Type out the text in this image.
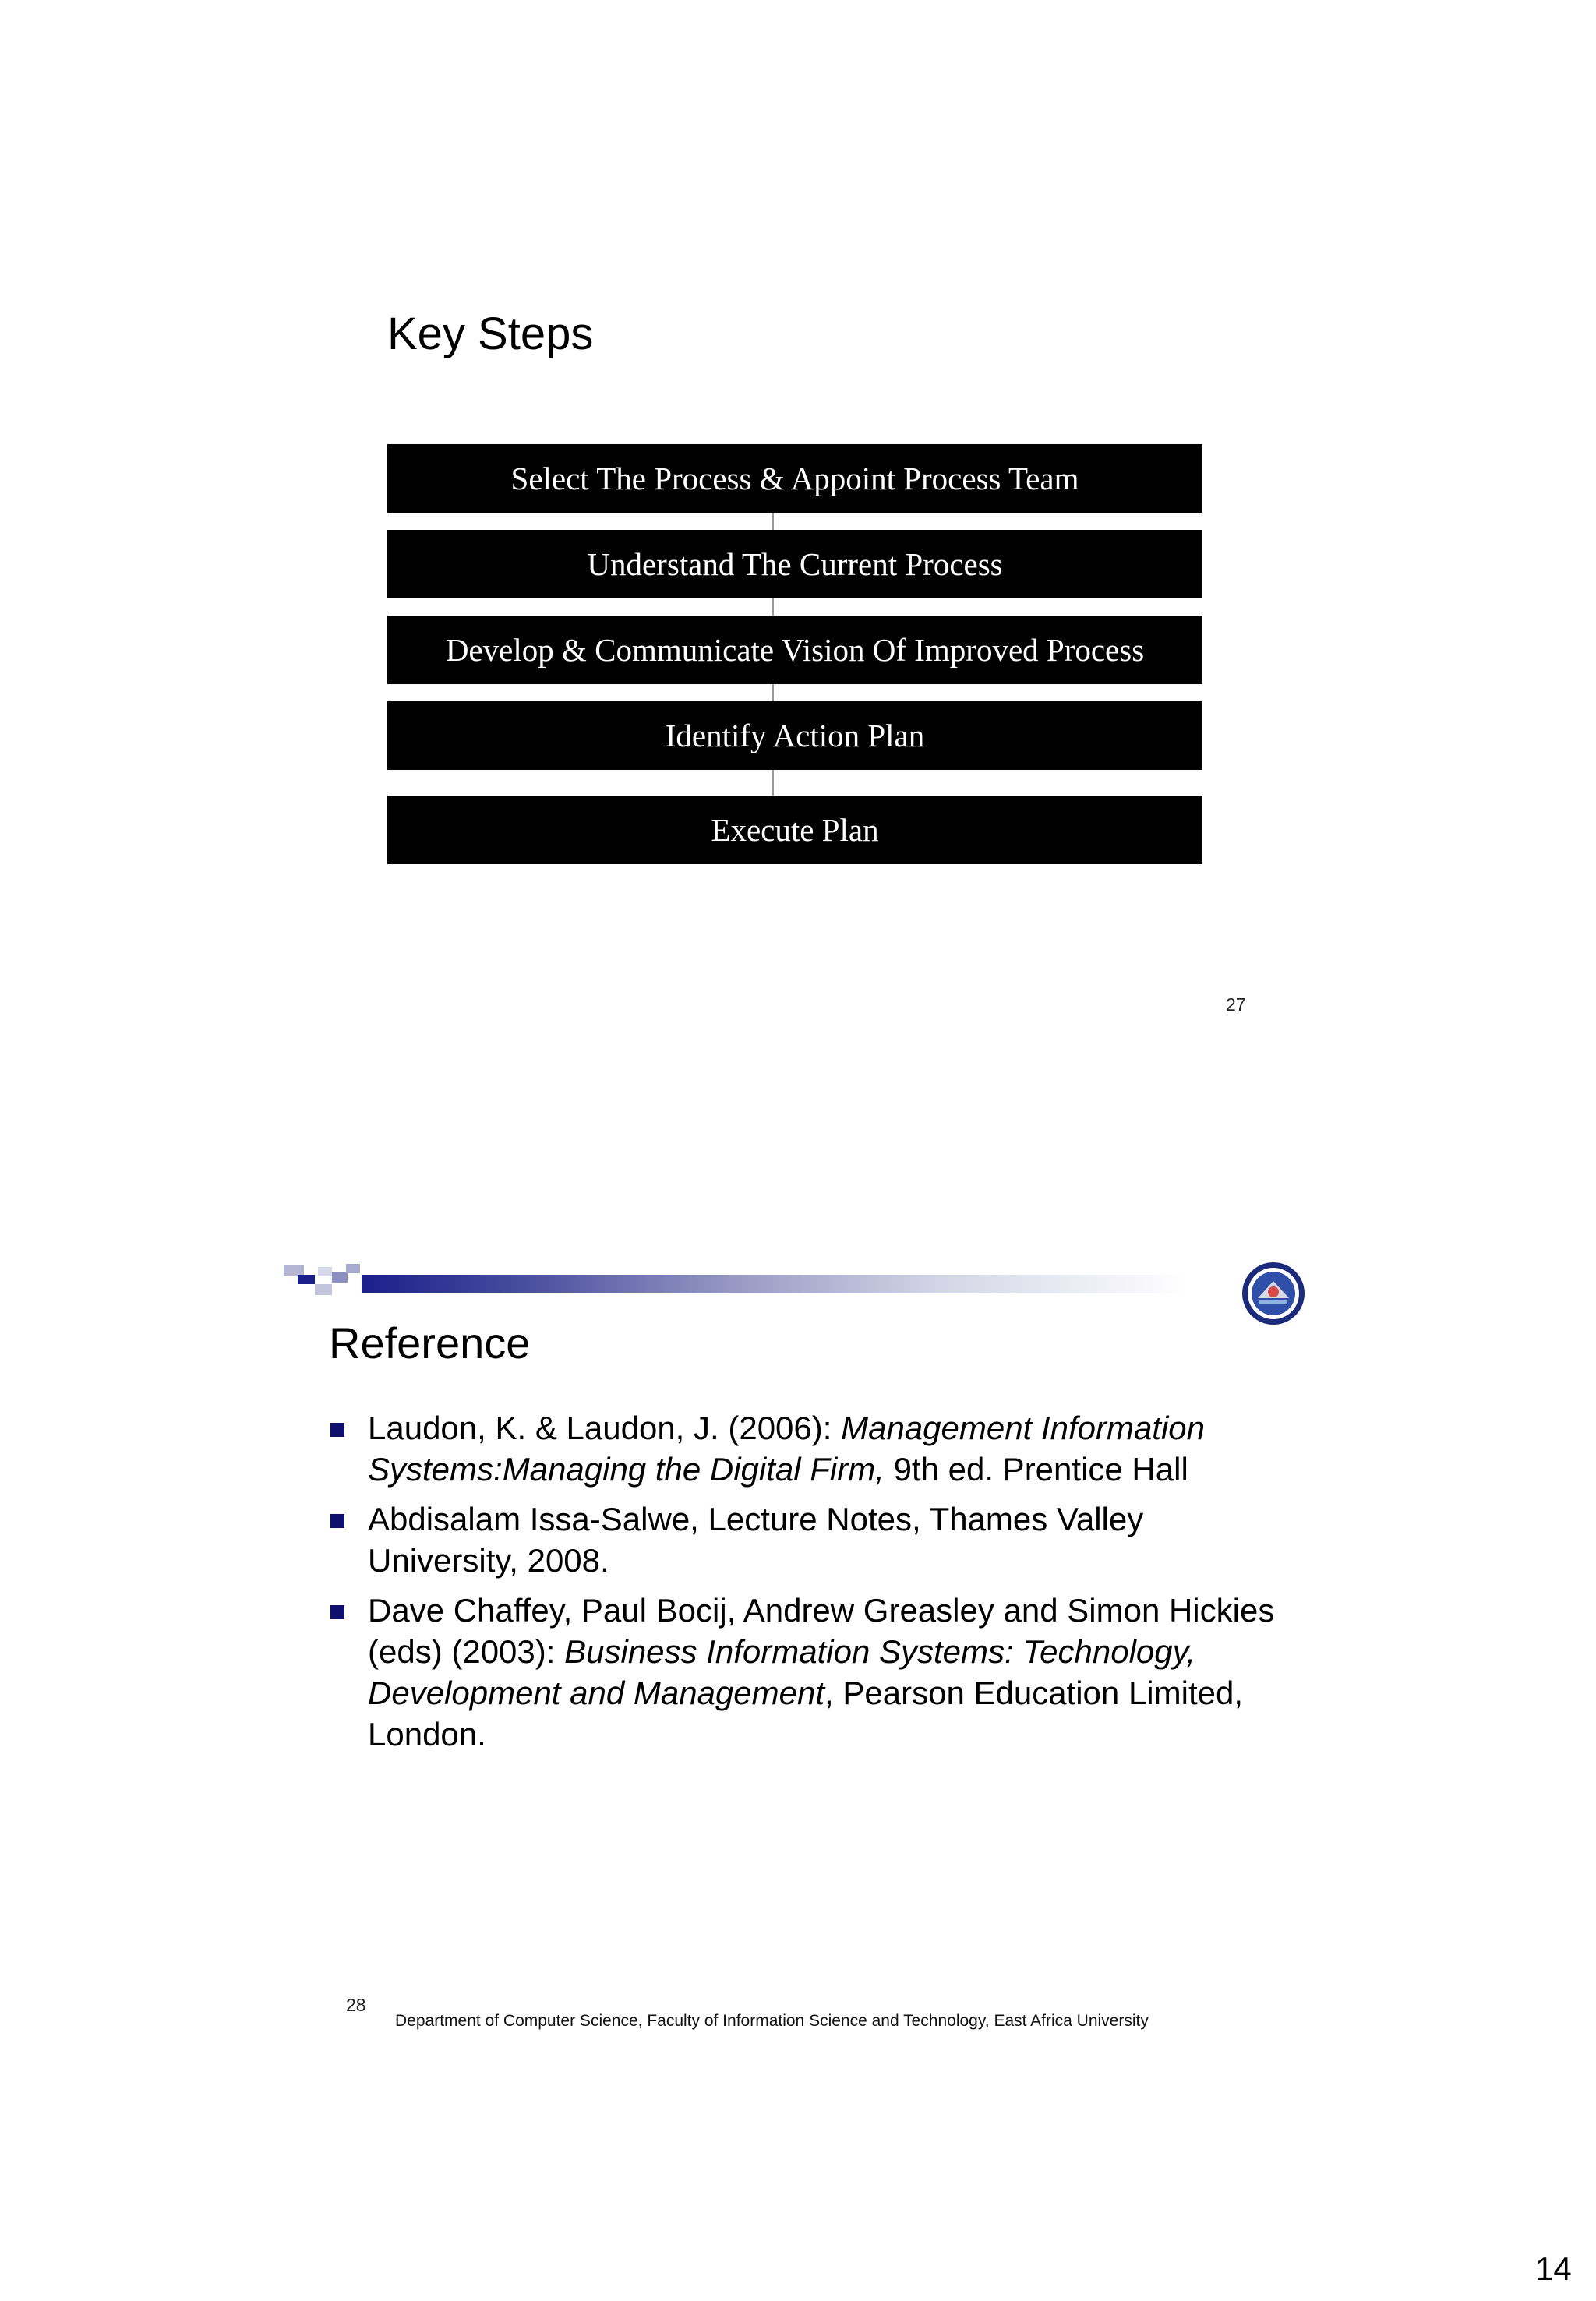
Key Steps
Select The Process & Appoint Process Team
Understand The Current Process
Develop & Communicate Vision Of Improved Process
Identify Action Plan
Execute Plan
27
Reference
Laudon, K. & Laudon, J. (2006): Management Information Systems:Managing the Digital Firm, 9th ed. Prentice Hall
Abdisalam Issa-Salwe, Lecture Notes, Thames Valley University, 2008.
Dave Chaffey, Paul Bocij, Andrew Greasley and Simon Hickies (eds) (2003): Business Information Systems: Technology, Development and Management, Pearson Education Limited, London.
28
Department of Computer Science, Faculty of Information Science and Technology, East Africa University
14
